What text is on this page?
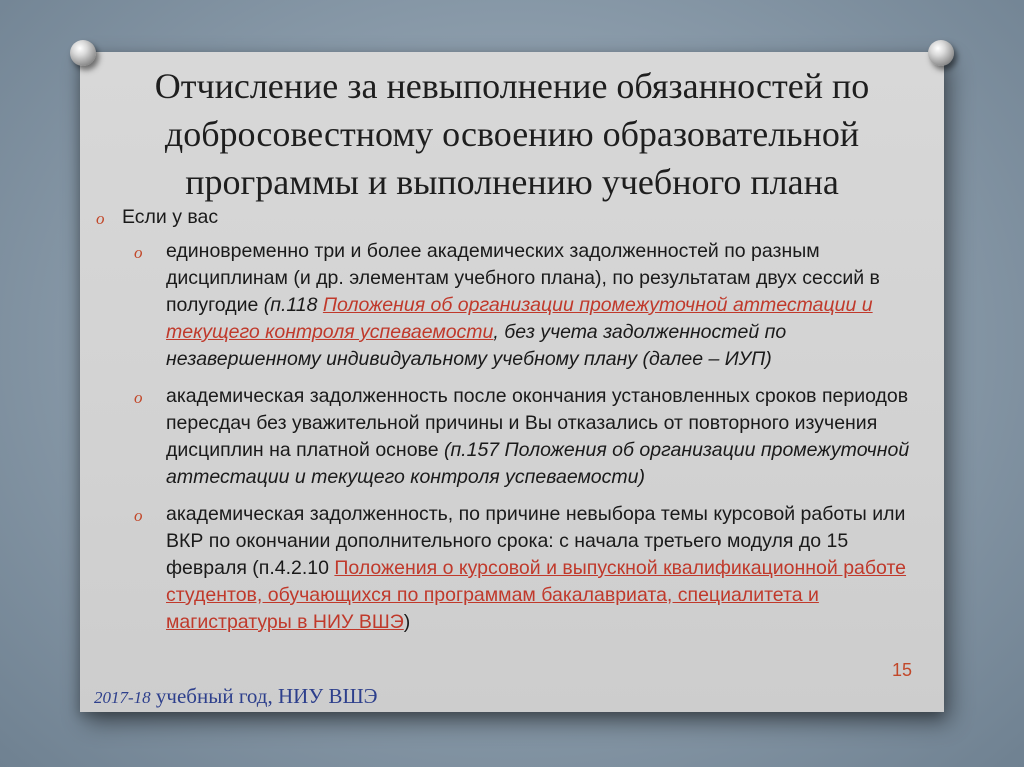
Отчисление за невыполнение обязанностей по добросовестному освоению образовательной программы и выполнению учебного плана
o Если у вас
o	единовременно три и более академических задолженностей по разным дисциплинам (и др. элементам учебного плана), по результатам двух сессий в полугодие (п.118 Положения об организации промежуточной аттестации и текущего контроля успеваемости, без учета задолженностей по незавершенному индивидуальному учебному плану (далее – ИУП)
o	академическая задолженность после окончания установленных сроков периодов пересдач без уважительной причины и Вы отказались от повторного изучения дисциплин на платной основе (п.157 Положения об организации промежуточной аттестации и текущего контроля успеваемости)
o	академическая задолженность, по причине невыбора темы курсовой работы или ВКР по окончании дополнительного срока: с начала третьего модуля до 15 февраля (п.4.2.10 Положения о курсовой и выпускной квалификационной работе студентов, обучающихся по программам бакалавриата, специалитета и магистратуры в НИУ ВШЭ)
15
2017-18 учебный год, НИУ ВШЭ
